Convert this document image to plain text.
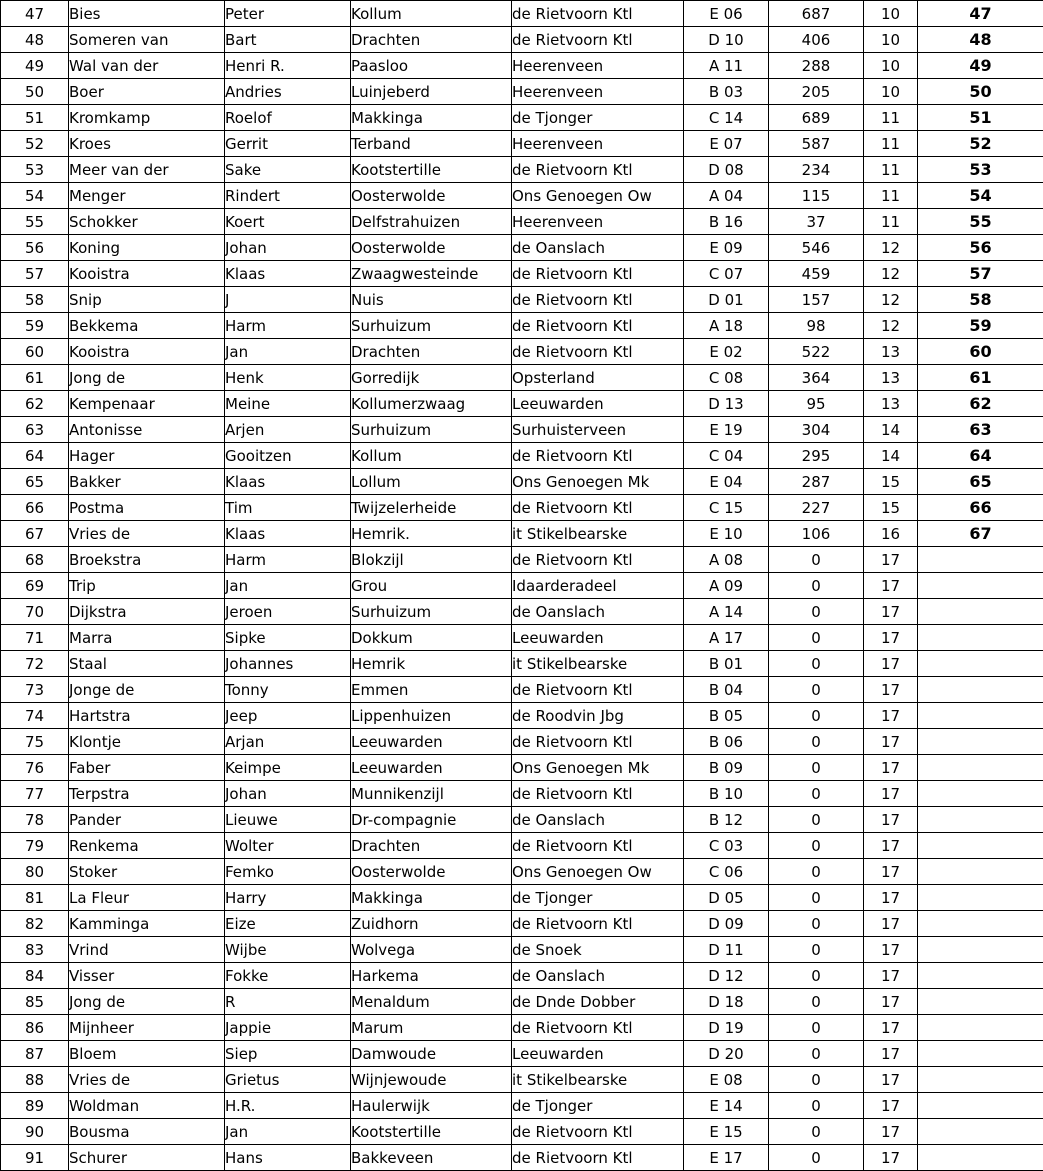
47	Bies	Peter	Kollum	de Rietvoorn Ktl	E 06	687	10	47
48	Someren van	Bart	Drachten	de Rietvoorn Ktl	D 10	406	10	48
49	Wal van der	Henri R.	Paasloo	Heerenveen	A 11	288	10	49
50	Boer	Andries	Luinjeberd	Heerenveen	B 03	205	10	50
51	Kromkamp	Roelof	Makkinga	de Tjonger	C 14	689	11	51
52	Kroes	Gerrit	Terband	Heerenveen	E 07	587	11	52
53	Meer van der	Sake	Kootstertille	de Rietvoorn Ktl	D 08	234	11	53
54	Menger	Rindert	Oosterwolde	Ons Genoegen Ow	A 04	115	11	54
55	Schokker	Koert	Delfstrahuizen	Heerenveen	B 16	37	11	55
56	Koning	Johan	Oosterwolde	de Oanslach	E 09	546	12	56
57	Kooistra	Klaas	Zwaagwesteinde	de Rietvoorn Ktl	C 07	459	12	57
58	Snip	J	Nuis	de Rietvoorn Ktl	D 01	157	12	58
59	Bekkema	Harm	Surhuizum	de Rietvoorn Ktl	A 18	98	12	59
60	Kooistra	Jan	Drachten	de Rietvoorn Ktl	E 02	522	13	60
61	Jong de	Henk	Gorredijk	Opsterland	C 08	364	13	61
62	Kempenaar	Meine	Kollumerzwaag	Leeuwarden	D 13	95	13	62
63	Antonisse	Arjen	Surhuizum	Surhuisterveen	E 19	304	14	63
64	Hager	Gooitzen	Kollum	de Rietvoorn Ktl	C 04	295	14	64
65	Bakker	Klaas	Lollum	Ons Genoegen Mk	E 04	287	15	65
66	Postma	Tim	Twijzelerheide	de Rietvoorn Ktl	C 15	227	15	66
67	Vries de	Klaas	Hemrik.	it Stikelbearske	E 10	106	16	67
68	Broekstra	Harm	Blokzijl	de Rietvoorn Ktl	A 08	0	17	
69	Trip	Jan	Grou	Idaarderadeel	A 09	0	17	
70	Dijkstra	Jeroen	Surhuizum	de Oanslach	A 14	0	17	
71	Marra	Sipke	Dokkum	Leeuwarden	A 17	0	17	
72	Staal	Johannes	Hemrik	it Stikelbearske	B 01	0	17	
73	Jonge de	Tonny	Emmen	de Rietvoorn Ktl	B 04	0	17	
74	Hartstra	Jeep	Lippenhuizen	de Roodvin Jbg	B 05	0	17	
75	Klontje	Arjan	Leeuwarden	de Rietvoorn Ktl	B 06	0	17	
76	Faber	Keimpe	Leeuwarden	Ons Genoegen Mk	B 09	0	17	
77	Terpstra	Johan	Munnikenzijl	de Rietvoorn Ktl	B 10	0	17	
78	Pander	Lieuwe	Dr-compagnie	de Oanslach	B 12	0	17	
79	Renkema	Wolter	Drachten	de Rietvoorn Ktl	C 03	0	17	
80	Stoker	Femko	Oosterwolde	Ons Genoegen Ow	C 06	0	17	
81	La Fleur	Harry	Makkinga	de Tjonger	D 05	0	17	
82	Kamminga	Eize	Zuidhorn	de Rietvoorn Ktl	D 09	0	17	
83	Vrind	Wijbe	Wolvega	de Snoek	D 11	0	17	
84	Visser	Fokke	Harkema	de Oanslach	D 12	0	17	
85	Jong de	R	Menaldum	de Dnde Dobber	D 18	0	17	
86	Mijnheer	Jappie	Marum	de Rietvoorn Ktl	D 19	0	17	
87	Bloem	Siep	Damwoude	Leeuwarden	D 20	0	17	
88	Vries de	Grietus	Wijnjewoude	it Stikelbearske	E 08	0	17	
89	Woldman	H.R.	Haulerwijk	de Tjonger	E 14	0	17	
90	Bousma	Jan	Kootstertille	de Rietvoorn Ktl	E 15	0	17	
91	Schurer	Hans	Bakkeveen	de Rietvoorn Ktl	E 17	0	17	
